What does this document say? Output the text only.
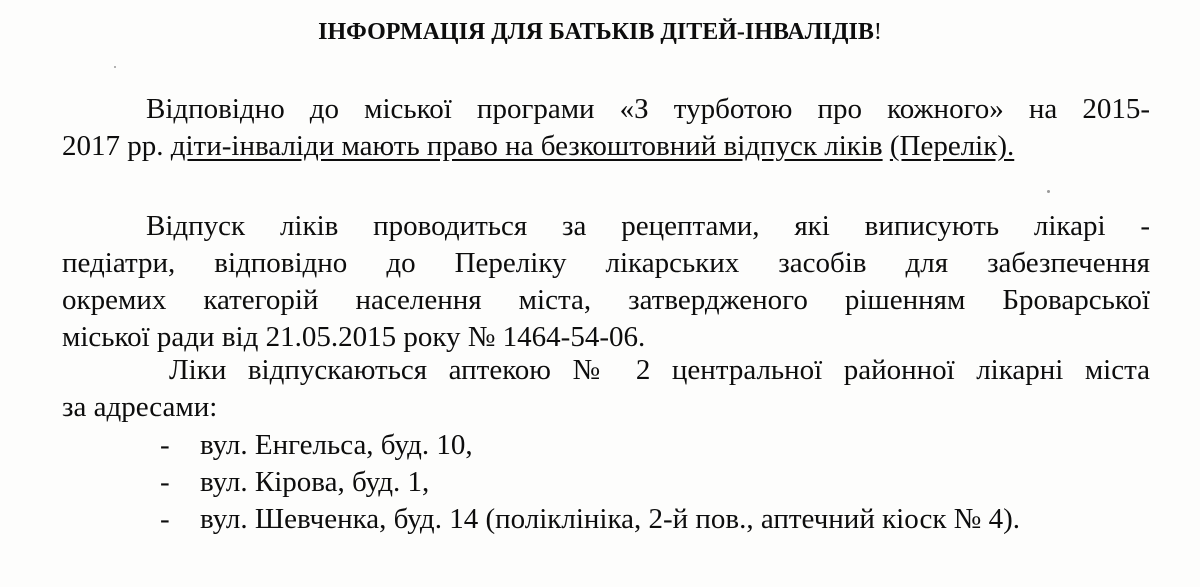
ІНФОРМАЦІЯ ДЛЯ БАТЬКІВ ДІТЕЙ-ІНВАЛІДІВ!

Відповідно до міської програми «З турботою про кожного» на 2015-
2017 рр. діти-інваліди мають право на безкоштовний відпуск ліків (Перелік).

Відпуск ліків проводиться за рецептами, які виписують лікарі -
педіатри, відповідно до Переліку лікарських засобів для забезпечення
окремих категорій населення міста, затвердженого рішенням Броварської
міської ради від 21.05.2015 року № 1464-54-06.

Ліки відпускаються аптекою № 2 центральної районної лікарні міста
за адресами:

-	вул. Енгельса, буд. 10,
-	вул. Кірова, буд. 1,
-	вул. Шевченка, буд. 14 (поліклініка, 2-й пов., аптечний кіоск № 4).
